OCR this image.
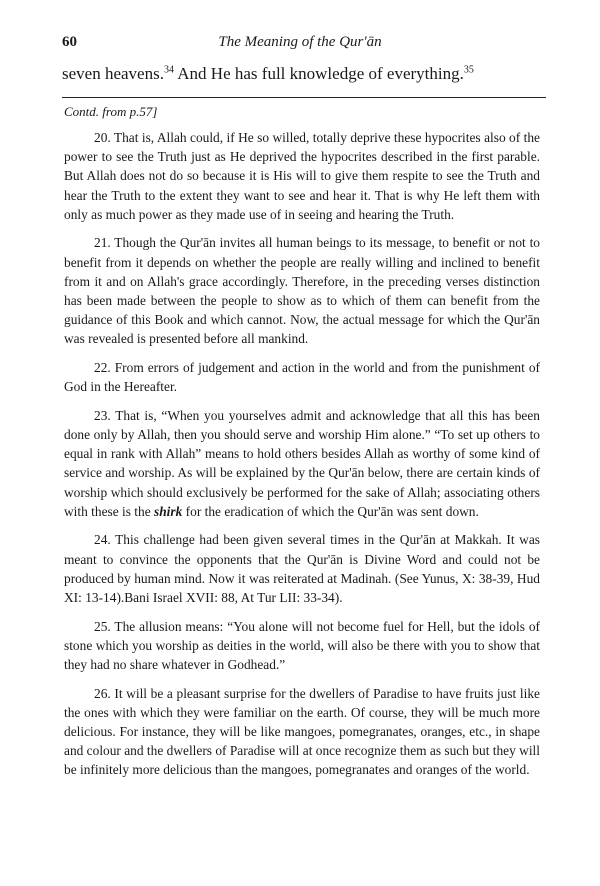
60	The Meaning of the Qur'ān
seven heavens.$^{34}$ And He has full knowledge of everything.$^{35}$
Contd. from p.57]

20. That is, Allah could, if He so willed, totally deprive these hypocrites also of the power to see the Truth just as He deprived the hypocrites described in the first parable. But Allah does not do so because it is His will to give them respite to see the Truth and hear the Truth to the extent they want to see and hear it. That is why He left them with only as much power as they made use of in seeing and hearing the Truth.

21. Though the Qur'ān invites all human beings to its message, to benefit or not to benefit from it depends on whether the people are really willing and inclined to benefit from it and on Allah's grace accordingly. Therefore, in the preceding verses distinction has been made between the people to show as to which of them can benefit from the guidance of this Book and which cannot. Now, the actual message for which the Qur'ān was revealed is presented before all mankind.

22. From errors of judgement and action in the world and from the punishment of God in the Hereafter.

23. That is, “When you yourselves admit and acknowledge that all this has been done only by Allah, then you should serve and worship Him alone.” “To set up others to equal in rank with Allah” means to hold others besides Allah as worthy of some kind of service and worship. As will be explained by the Qur'ān below, there are certain kinds of worship which should exclusively be performed for the sake of Allah; associating others with these is the shirk for the eradication of which the Qur'ān was sent down.

24. This challenge had been given several times in the Qur'ān at Makkah. It was meant to convince the opponents that the Qur'ān is Divine Word and could not be produced by human mind. Now it was reiterated at Madinah. (See Yunus, X: 38-39, Hud XI: 13-14).Bani Israel XVII: 88, At Tur LII: 33-34).

25. The allusion means: “You alone will not become fuel for Hell, but the idols of stone which you worship as deities in the world, will also be there with you to show that they had no share whatever in Godhead.”

26. It will be a pleasant surprise for the dwellers of Paradise to have fruits just like the ones with which they were familiar on the earth. Of course, they will be much more delicious. For instance, they will be like mangoes, pomegranates, oranges, etc., in shape and colour and the dwellers of Paradise will at once recognize them as such but they will be infinitely more delicious than the mangoes, pomegranates and oranges of the world.
